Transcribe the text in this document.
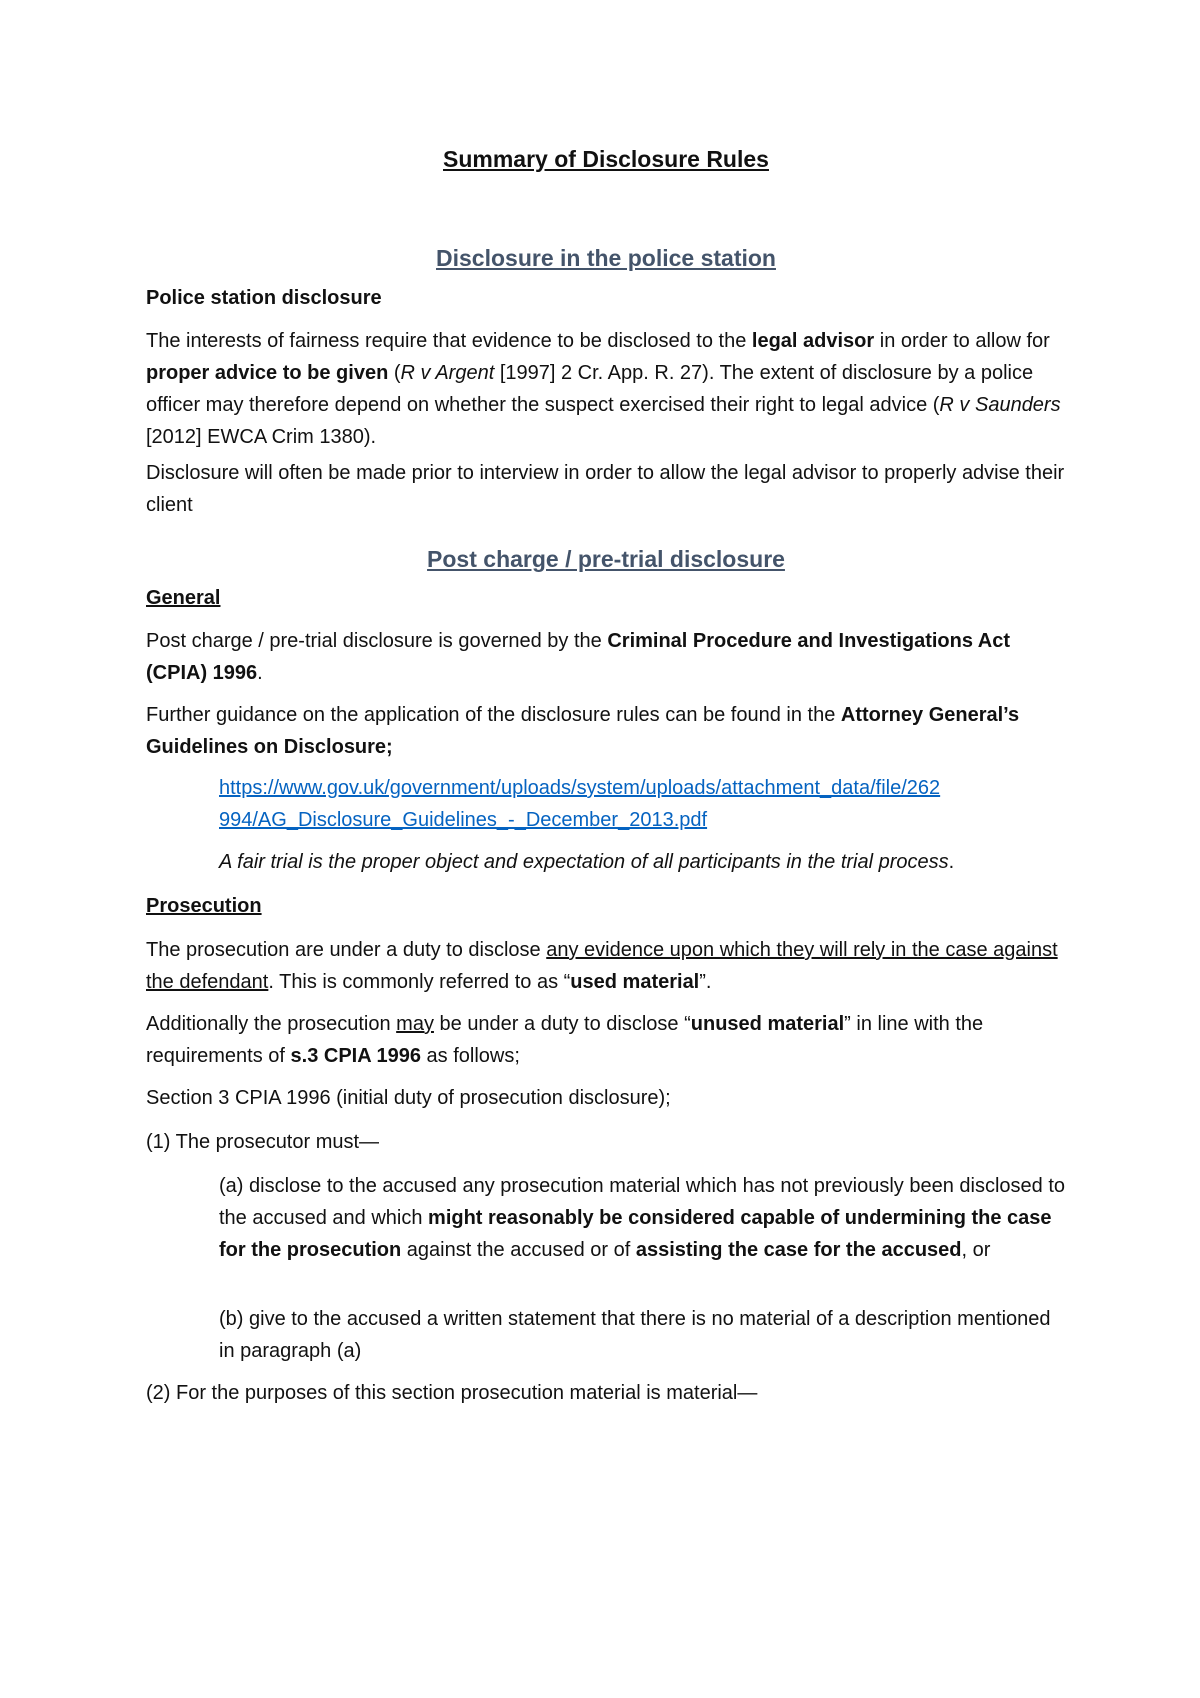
Summary of Disclosure Rules
Disclosure in the police station

Police station disclosure

The interests of fairness require that evidence to be disclosed to the legal advisor in order to allow for proper advice to be given (R v Argent [1997] 2 Cr. App. R. 27). The extent of disclosure by a police officer may therefore depend on whether the suspect exercised their right to legal advice (R v Saunders [2012] EWCA Crim 1380).

Disclosure will often be made prior to interview in order to allow the legal advisor to properly advise their client

Post charge / pre-trial disclosure

General

Post charge / pre-trial disclosure is governed by the Criminal Procedure and Investigations Act (CPIA) 1996.

Further guidance on the application of the disclosure rules can be found in the Attorney General’s Guidelines on Disclosure;

https://www.gov.uk/government/uploads/system/uploads/attachment_data/file/262
994/AG_Disclosure_Guidelines_-_December_2013.pdf

A fair trial is the proper object and expectation of all participants in the trial process.

Prosecution

The prosecution are under a duty to disclose any evidence upon which they will rely in the case against the defendant. This is commonly referred to as “used material”.

Additionally the prosecution may be under a duty to disclose “unused material” in line with the requirements of s.3 CPIA 1996 as follows;

Section 3 CPIA 1996 (initial duty of prosecution disclosure);

(1) The prosecutor must—

(a) disclose to the accused any prosecution material which has not previously been disclosed to the accused and which might reasonably be considered capable of undermining the case for the prosecution against the accused or of assisting the case for the accused, or

(b) give to the accused a written statement that there is no material of a description mentioned in paragraph (a)

(2) For the purposes of this section prosecution material is material—
